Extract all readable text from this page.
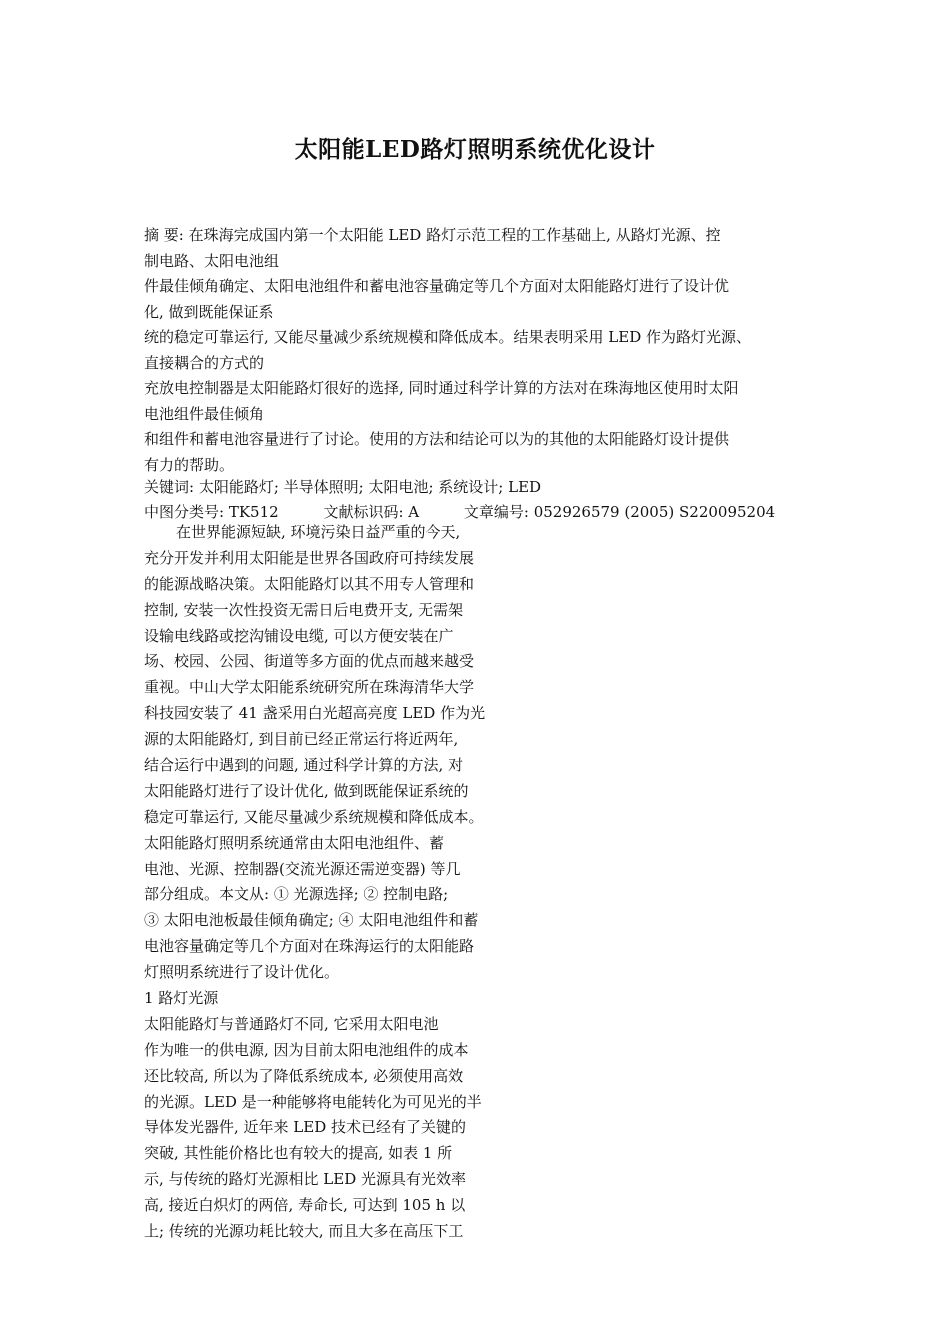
太阳能LED路灯照明系统优化设计
摘 要: 在珠海完成国内第一个太阳能 LED 路灯示范工程的工作基础上, 从路灯光源、控
制电路、太阳电池组
件最佳倾角确定、太阳电池组件和蓄电池容量确定等几个方面对太阳能路灯进行了设计优
化, 做到既能保证系
统的稳定可靠运行, 又能尽量减少系统规模和降低成本。结果表明采用 LED 作为路灯光源、
直接耦合的方式的
充放电控制器是太阳能路灯很好的选择, 同时通过科学计算的方法对在珠海地区使用时太阳
电池组件最佳倾角
和组件和蓄电池容量进行了讨论。使用的方法和结论可以为的其他的太阳能路灯设计提供
有力的帮助。
关键词: 太阳能路灯; 半导体照明; 太阳电池; 系统设计; LED
中图分类号: TK512	文献标识码: A	文章编号: 052926579 (2005) S220095204
在世界能源短缺, 环境污染日益严重的今天,
充分开发并利用太阳能是世界各国政府可持续发展
的能源战略决策。太阳能路灯以其不用专人管理和
控制, 安装一次性投资无需日后电费开支, 无需架
设输电线路或挖沟铺设电缆, 可以方便安装在广
场、校园、公园、街道等多方面的优点而越来越受
重视。中山大学太阳能系统研究所在珠海清华大学
科技园安装了 41 盏采用白光超高亮度 LED 作为光
源的太阳能路灯, 到目前已经正常运行将近两年,
结合运行中遇到的问题, 通过科学计算的方法, 对
太阳能路灯进行了设计优化, 做到既能保证系统的
稳定可靠运行, 又能尽量减少系统规模和降低成本。
太阳能路灯照明系统通常由太阳电池组件、蓄
电池、光源、控制器(交流光源还需逆变器) 等几
部分组成。本文从: ① 光源选择; ② 控制电路;
③ 太阳电池板最佳倾角确定; ④ 太阳电池组件和蓄
电池容量确定等几个方面对在珠海运行的太阳能路
灯照明系统进行了设计优化。
1 路灯光源
太阳能路灯与普通路灯不同, 它采用太阳电池
作为唯一的供电源, 因为目前太阳电池组件的成本
还比较高, 所以为了降低系统成本, 必须使用高效
的光源。LED 是一种能够将电能转化为可见光的半
导体发光器件, 近年来 LED 技术已经有了关键的
突破, 其性能价格比也有较大的提高, 如表 1 所
示, 与传统的路灯光源相比 LED 光源具有光效率
高, 接近白炽灯的两倍, 寿命长, 可达到 105 h 以
上; 传统的光源功耗比较大, 而且大多在高压下工
